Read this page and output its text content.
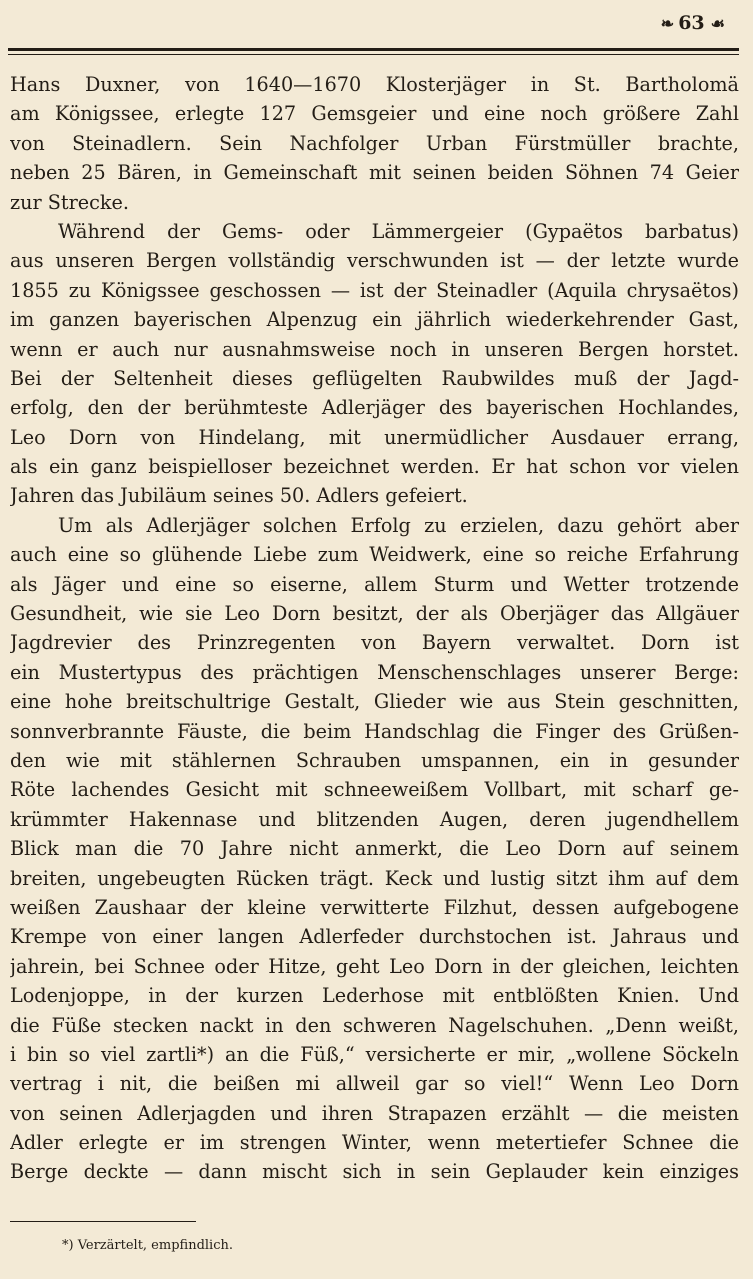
❧ 63 ☙
Hans Duxner, von 1640—1670 Klosterjäger in St. Bartholomä
am Königssee, erlegte 127 Gemsgeier und eine noch größere Zahl
von Steinadlern. Sein Nachfolger Urban Fürstmüller brachte,
neben 25 Bären, in Gemeinschaft mit seinen beiden Söhnen 74 Geier
zur Strecke.
Während der Gems- oder Lämmergeier (Gypaëtos barbatus)
aus unseren Bergen vollständig verschwunden ist — der letzte wurde
1855 zu Königssee geschossen — ist der Steinadler (Aquila chrysaëtos)
im ganzen bayerischen Alpenzug ein jährlich wiederkehrender Gast,
wenn er auch nur ausnahmsweise noch in unseren Bergen horstet.
Bei der Seltenheit dieses geflügelten Raubwildes muß der Jagd-
erfolg, den der berühmteste Adlerjäger des bayerischen Hochlandes,
Leo Dorn von Hindelang, mit unermüdlicher Ausdauer errang,
als ein ganz beispielloser bezeichnet werden. Er hat schon vor vielen
Jahren das Jubiläum seines 50. Adlers gefeiert.
Um als Adlerjäger solchen Erfolg zu erzielen, dazu gehört aber
auch eine so glühende Liebe zum Weidwerk, eine so reiche Erfahrung
als Jäger und eine so eiserne, allem Sturm und Wetter trotzende
Gesundheit, wie sie Leo Dorn besitzt, der als Oberjäger das Allgäuer
Jagdrevier des Prinzregenten von Bayern verwaltet. Dorn ist
ein Mustertypus des prächtigen Menschenschlages unserer Berge:
eine hohe breitschultrige Gestalt, Glieder wie aus Stein geschnitten,
sonnverbrannte Fäuste, die beim Handschlag die Finger des Grüßen-
den wie mit stählernen Schrauben umspannen, ein in gesunder
Röte lachendes Gesicht mit schneeweißem Vollbart, mit scharf ge-
krümmter Hakennase und blitzenden Augen, deren jugendhellem
Blick man die 70 Jahre nicht anmerkt, die Leo Dorn auf seinem
breiten, ungebeugten Rücken trägt. Keck und lustig sitzt ihm auf dem
weißen Zaushaar der kleine verwitterte Filzhut, dessen aufgebogene
Krempe von einer langen Adlerfeder durchstochen ist. Jahraus und
jahrein, bei Schnee oder Hitze, geht Leo Dorn in der gleichen, leichten
Lodenjoppe, in der kurzen Lederhose mit entblößten Knien. Und
die Füße stecken nackt in den schweren Nagelschuhen. „Denn weißt,
i bin so viel zartli*) an die Füß,“ versicherte er mir, „wollene Söckeln
vertrag i nit, die beißen mi allweil gar so viel!“ Wenn Leo Dorn
von seinen Adlerjagden und ihren Strapazen erzählt — die meisten
Adler erlegte er im strengen Winter, wenn metertiefer Schnee die
Berge deckte — dann mischt sich in sein Geplauder kein einziges
*) Verzärtelt, empfindlich.
